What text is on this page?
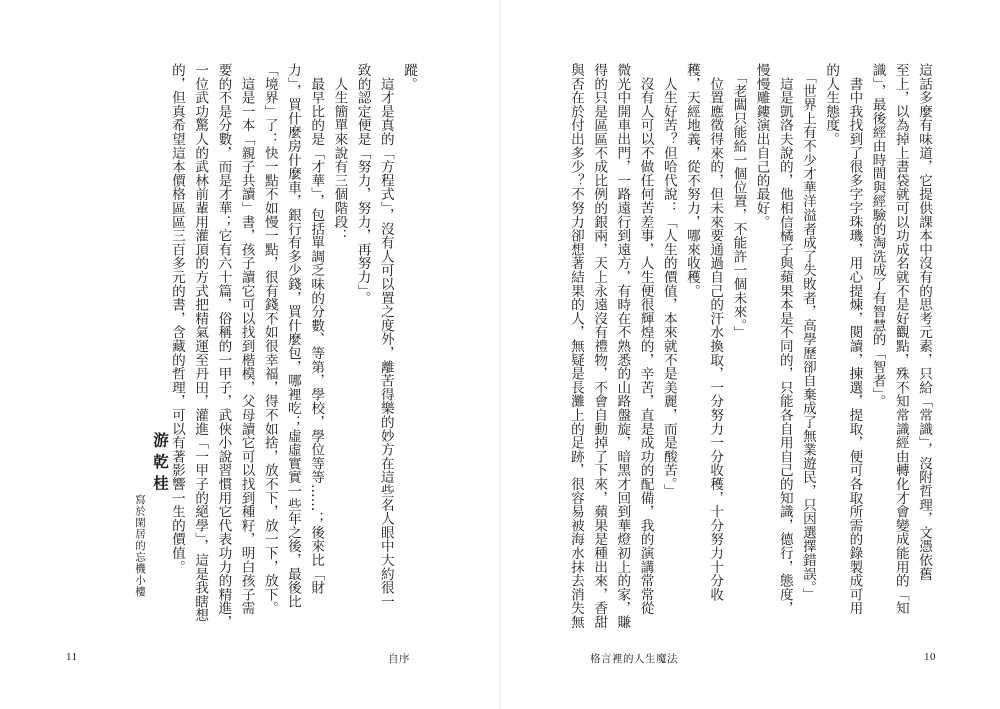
蹤。
　這才是真的「方程式」，沒有人可以置之度外，離苦得樂的妙方在這些名人眼中大約很一
致的認定便是「努力，努力，再努力」。
　人生簡單來說有三個階段：
　最早比的是「才華」，包括單調乏味的分數、等第，學校，學位等等……；後來比「財
力」，買什麼房什麼車，銀行有多少錢，買什麼包，哪裡吃；虛虛實實一些年之後，最後比
「境界」了：快一點不如慢一點，很有錢不如很幸福，得不如捨，放不下，放一下，放下。
　這是一本「親子共讀」書，孩子讀它可以找到楷模，父母讀它可以找到種籽，明白孩子需
要的不是分數，而是才華；它有六十篇，俗稱的一甲子，武俠小說習慣用它代表功力的精進，
一位武功驚人的武林前輩用灌頂的方式把精氣運至丹田，灌進「一甲子的絕學」，這是我瞎想
的，但真希望這本價格區區三百多元的書，含藏的哲理，可以有著影響一生的價值。
游乾桂
寫於閑居的忘機小樓
11	自序
這話多麼有味道，它提供課本中沒有的思考元素，只給「常識」，沒附哲理，文憑依舊
至上，以為掉上書袋就可以功成名就不是好觀點，殊不知常識經由轉化才會變成能用的「知
識」，最後經由時間與經驗的淘洗成了有智慧的「智者」。
　書中我找到了很多字字珠璣，用心提煉，閱讀，揀選，提取，便可各取所需的錄製成可用
的人生態度。
　「世界上有不少才華洋溢者成了失敗者，高學歷卻自棄成了無業遊民，只因選擇錯誤。」
　這是凱洛夫說的，他相信橘子與蘋果本是不同的，只能各自用自己的知識，德行，態度，
慢慢雕鏤演出自己的最好。
　「老闆只能給一個位置，不能許一個未來。」
　位置應徵得來的，但未來要通過自己的汗水換取，一分努力一分收穫，十分努力十分收
穫，天經地義，從不努力，哪來收穫。
　人生好苦？但哈代說：「人生的價值，本來就不是美麗，而是酸苦。」
　沒有人可以不做任何苦差事，人生便很輝煌的，辛苦，直是成功的配備，我的演講常常從
微光中開車出門，一路遠行到遠方，有時在不熟悉的山路盤旋，暗黑才回到華燈初上的家，賺
得的只是區區不成比例的銀兩，天上永遠沒有禮物，不會自動掉了下來，蘋果是種出來，香甜
與否在於付出多少？不努力卻想著結果的人，無疑是長灘上的足跡，很容易被海水抹去消失無
格言裡的人生魔法	10
